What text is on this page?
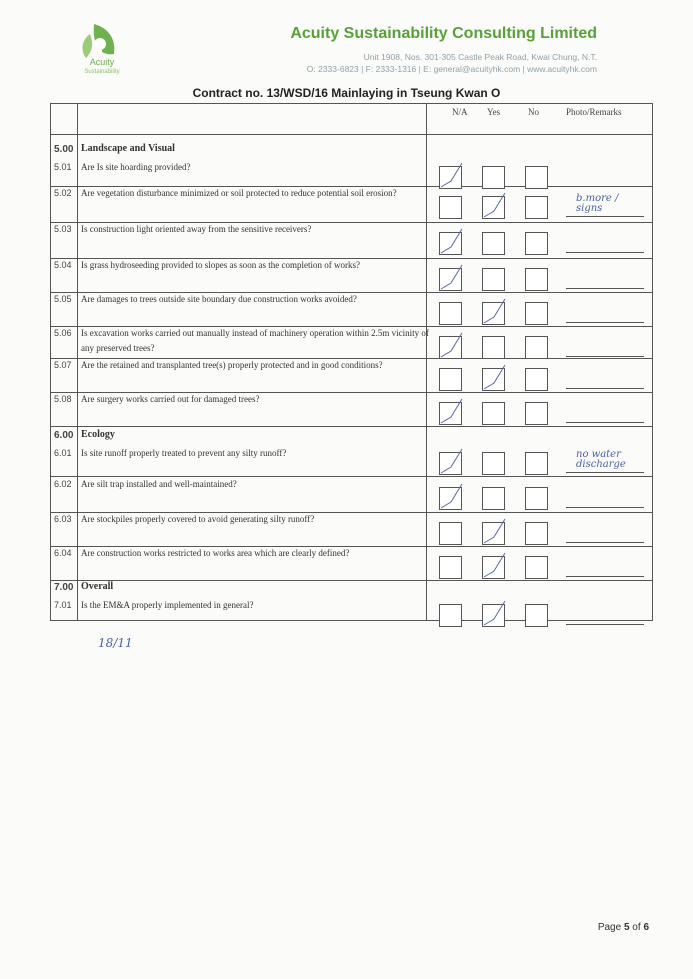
Acuity
Sustainability
Acuity Sustainability Consulting Limited
Unit 1908, Nos. 301-305 Castle Peak Road, Kwai Chung, N.T.
O: 2333-6823 | F: 2333-1316 | E: general@acuityhk.com | www.acuityhk.com
Contract no. 13/WSD/16 Mainlaying in Tseung Kwan O
N/A Yes	No	Photo/Remarks
5.00 Landscape and Visual
5.01 Are Is site hoarding provided?
5.02 Are vegetation disturbance minimized or soil protected to reduce potential soil erosion?	b.more / signs
5.03 Is construction light oriented away from the sensitive receivers?
5.04 Is grass hydroseeding provided to slopes as soon as the completion of works?
5.05 Are damages to trees outside site boundary due construction works avoided?
5.06 Is excavation works carried out manually instead of machinery operation within 2.5m vicinity of
any preserved trees?
5.07 Are the retained and transplanted tree(s) properly protected and in good conditions?
5.08 Are surgery works carried out for damaged trees?
6.00 Ecology
6.01 Is site runoff properly treated to prevent any silty runoff?	no water discharge
6.02 Are silt trap installed and well-maintained?
6.03 Are stockpiles properly covered to avoid generating silty runoff?
6.04 Are construction works restricted to works area which are clearly defined?
7.00 Overall
7.01 Is the EM&A properly implemented in general?
18/11
Page 5 of 6
